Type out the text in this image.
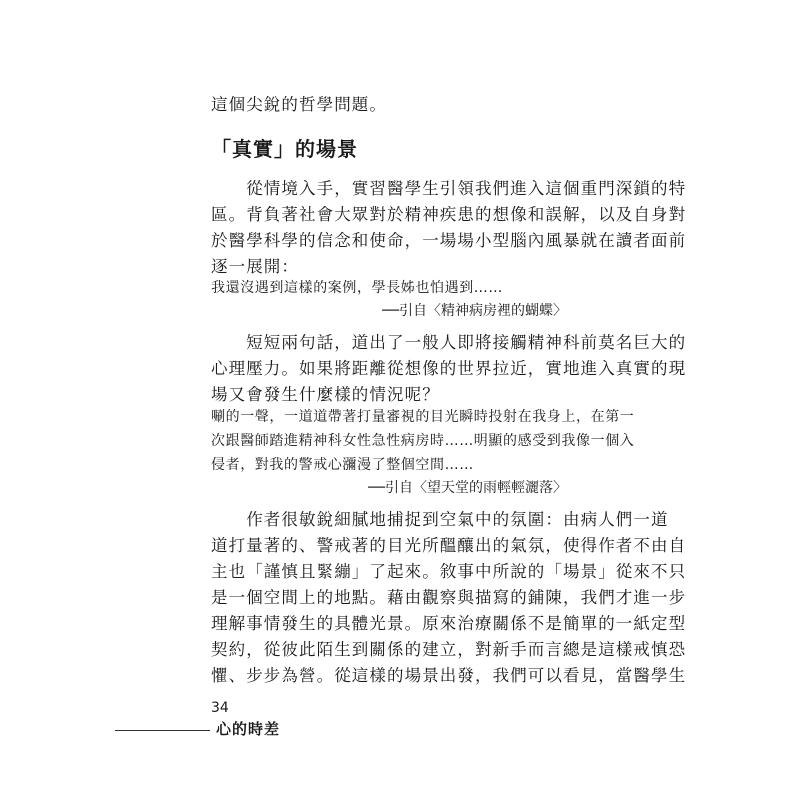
這個尖銳的哲學問題。
「真實」的場景
　　從情境入手，實習醫學生引領我們進入這個重門深鎖的特
區。背負著社會大眾對於精神疾患的想像和誤解，以及自身對
於醫學科學的信念和使命，一場場小型腦內風暴就在讀者面前
逐一展開：
我還沒遇到這樣的案例，學長姊也怕遇到……
──引自〈精神病房裡的蝴蝶〉
　　短短兩句話，道出了一般人即將接觸精神科前莫名巨大的
心理壓力。如果將距離從想像的世界拉近，實地進入真實的現
場又會發生什麼樣的情況呢？
唰的一聲，一道道帶著打量審視的目光瞬時投射在我身上，在第一
次跟醫師踏進精神科女性急性病房時……明顯的感受到我像一個入
侵者，對我的警戒心瀰漫了整個空間……
──引自〈望天堂的雨輕輕灑落〉
　　作者很敏銳細膩地捕捉到空氣中的氛圍：由病人們一道
道打量著的、警戒著的目光所醞釀出的氣氛，使得作者不由自
主也「謹慎且緊繃」了起來。敘事中所說的「場景」從來不只
是一個空間上的地點。藉由觀察與描寫的鋪陳，我們才進一步
理解事情發生的具體光景。原來治療關係不是簡單的一紙定型
契約，從彼此陌生到關係的建立，對新手而言總是這樣戒慎恐
懼、步步為營。從這樣的場景出發，我們可以看見，當醫學生
34
心的時差
